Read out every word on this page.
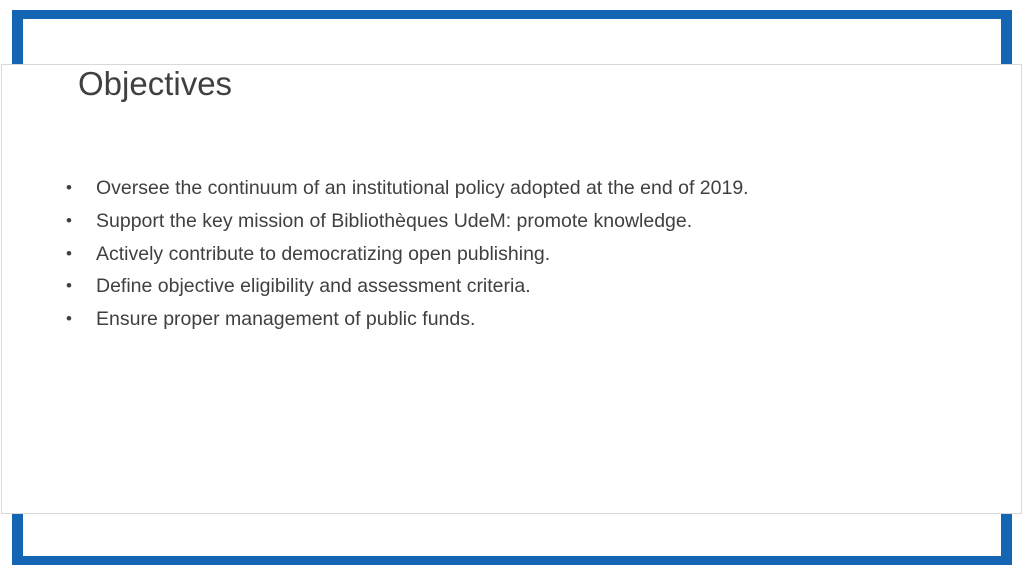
Objectives
• Oversee the continuum of an institutional policy adopted at the end of 2019.
• Support the key mission of Bibliothèques UdeM: promote knowledge.
• Actively contribute to democratizing open publishing.
• Define objective eligibility and assessment criteria.
• Ensure proper management of public funds.
